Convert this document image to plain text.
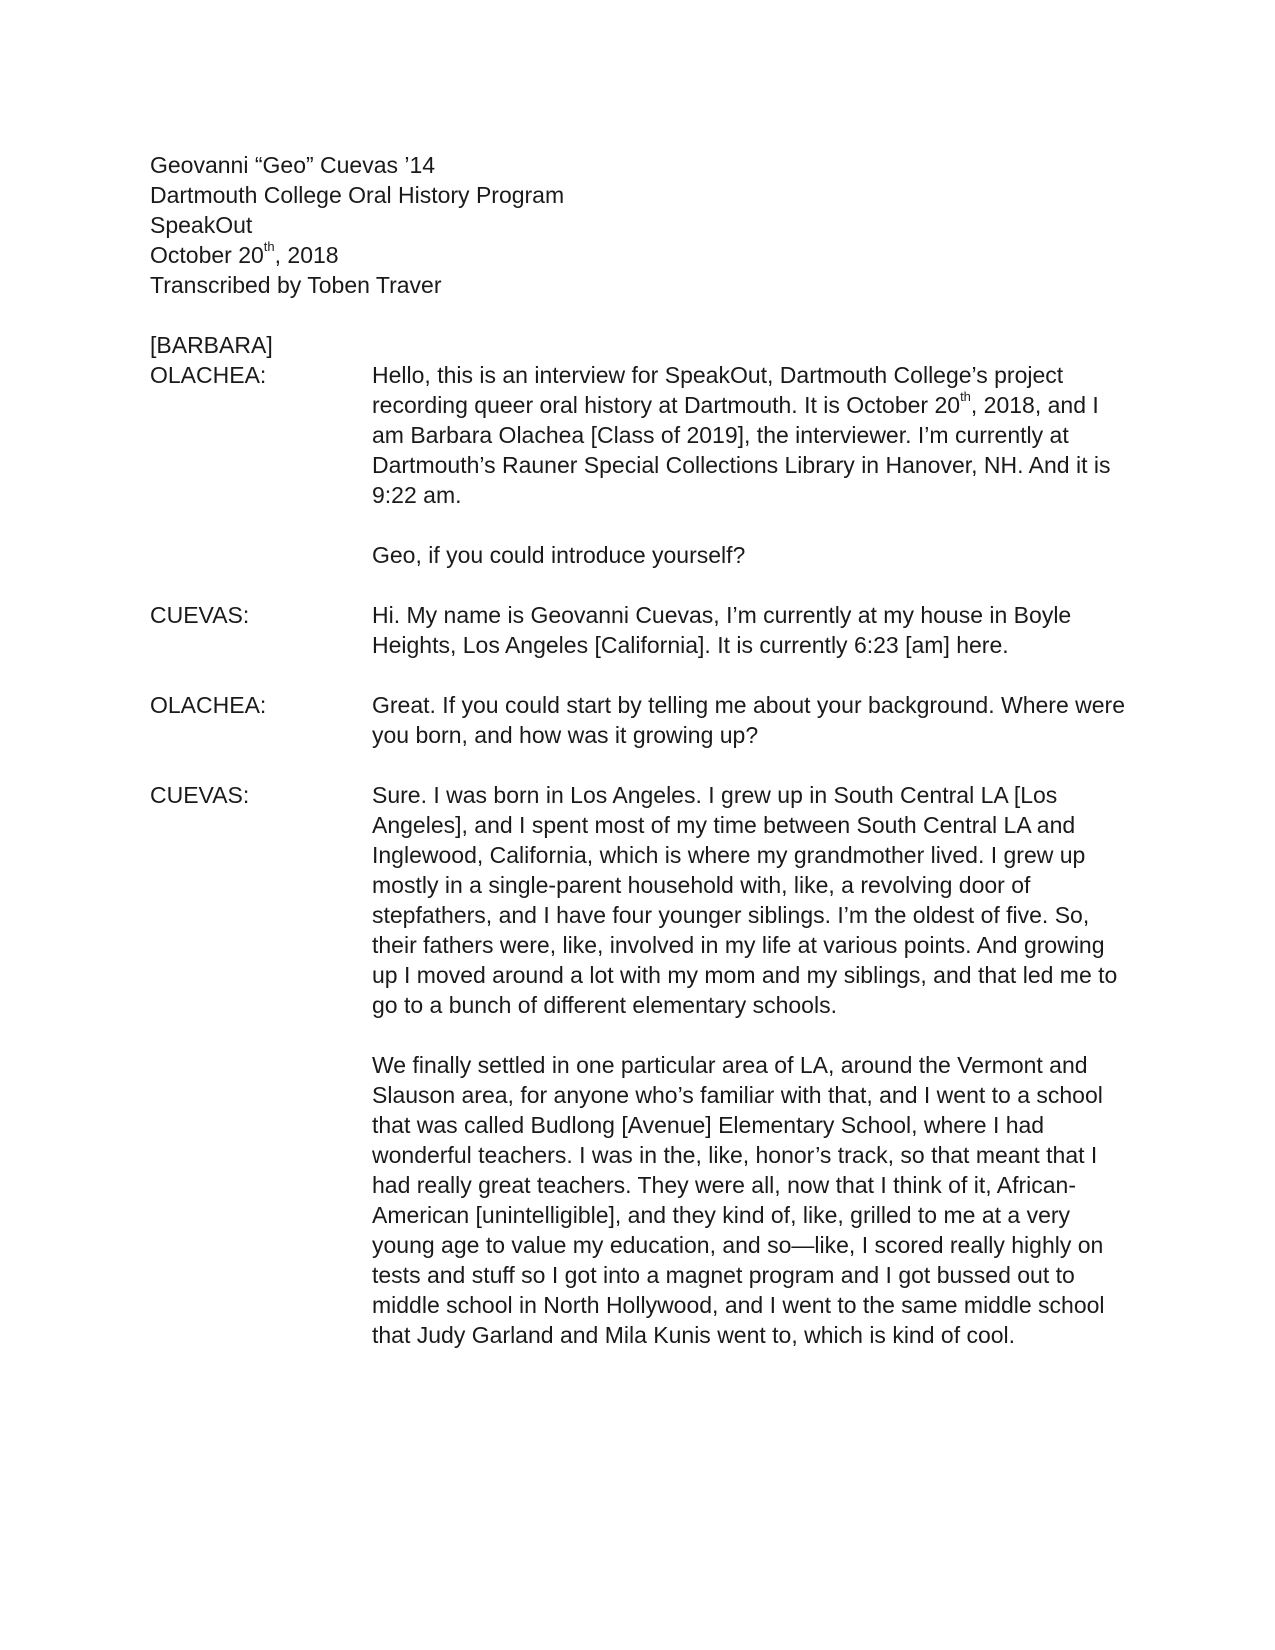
Geovanni “Geo” Cuevas ’14
Dartmouth College Oral History Program
SpeakOut
October 20th, 2018
Transcribed by Toben Traver
[BARBARA]
OLACHEA:	Hello, this is an interview for SpeakOut, Dartmouth College’s project recording queer oral history at Dartmouth. It is October 20th, 2018, and I am Barbara Olachea [Class of 2019], the interviewer. I’m currently at Dartmouth’s Rauner Special Collections Library in Hanover, NH. And it is 9:22 am.

Geo, if you could introduce yourself?

CUEVAS:	Hi. My name is Geovanni Cuevas, I’m currently at my house in Boyle Heights, Los Angeles [California]. It is currently 6:23 [am] here.

OLACHEA:	Great. If you could start by telling me about your background. Where were you born, and how was it growing up?

CUEVAS:	Sure. I was born in Los Angeles. I grew up in South Central LA [Los Angeles], and I spent most of my time between South Central LA and Inglewood, California, which is where my grandmother lived. I grew up mostly in a single-parent household with, like, a revolving door of stepfathers, and I have four younger siblings. I’m the oldest of five. So, their fathers were, like, involved in my life at various points. And growing up I moved around a lot with my mom and my siblings, and that led me to go to a bunch of different elementary schools.

We finally settled in one particular area of LA, around the Vermont and Slauson area, for anyone who’s familiar with that, and I went to a school that was called Budlong [Avenue] Elementary School, where I had wonderful teachers. I was in the, like, honor’s track, so that meant that I had really great teachers. They were all, now that I think of it, African-American [unintelligible], and they kind of, like, grilled to me at a very young age to value my education, and so—like, I scored really highly on tests and stuff so I got into a magnet program and I got bussed out to middle school in North Hollywood, and I went to the same middle school that Judy Garland and Mila Kunis went to, which is kind of cool.
